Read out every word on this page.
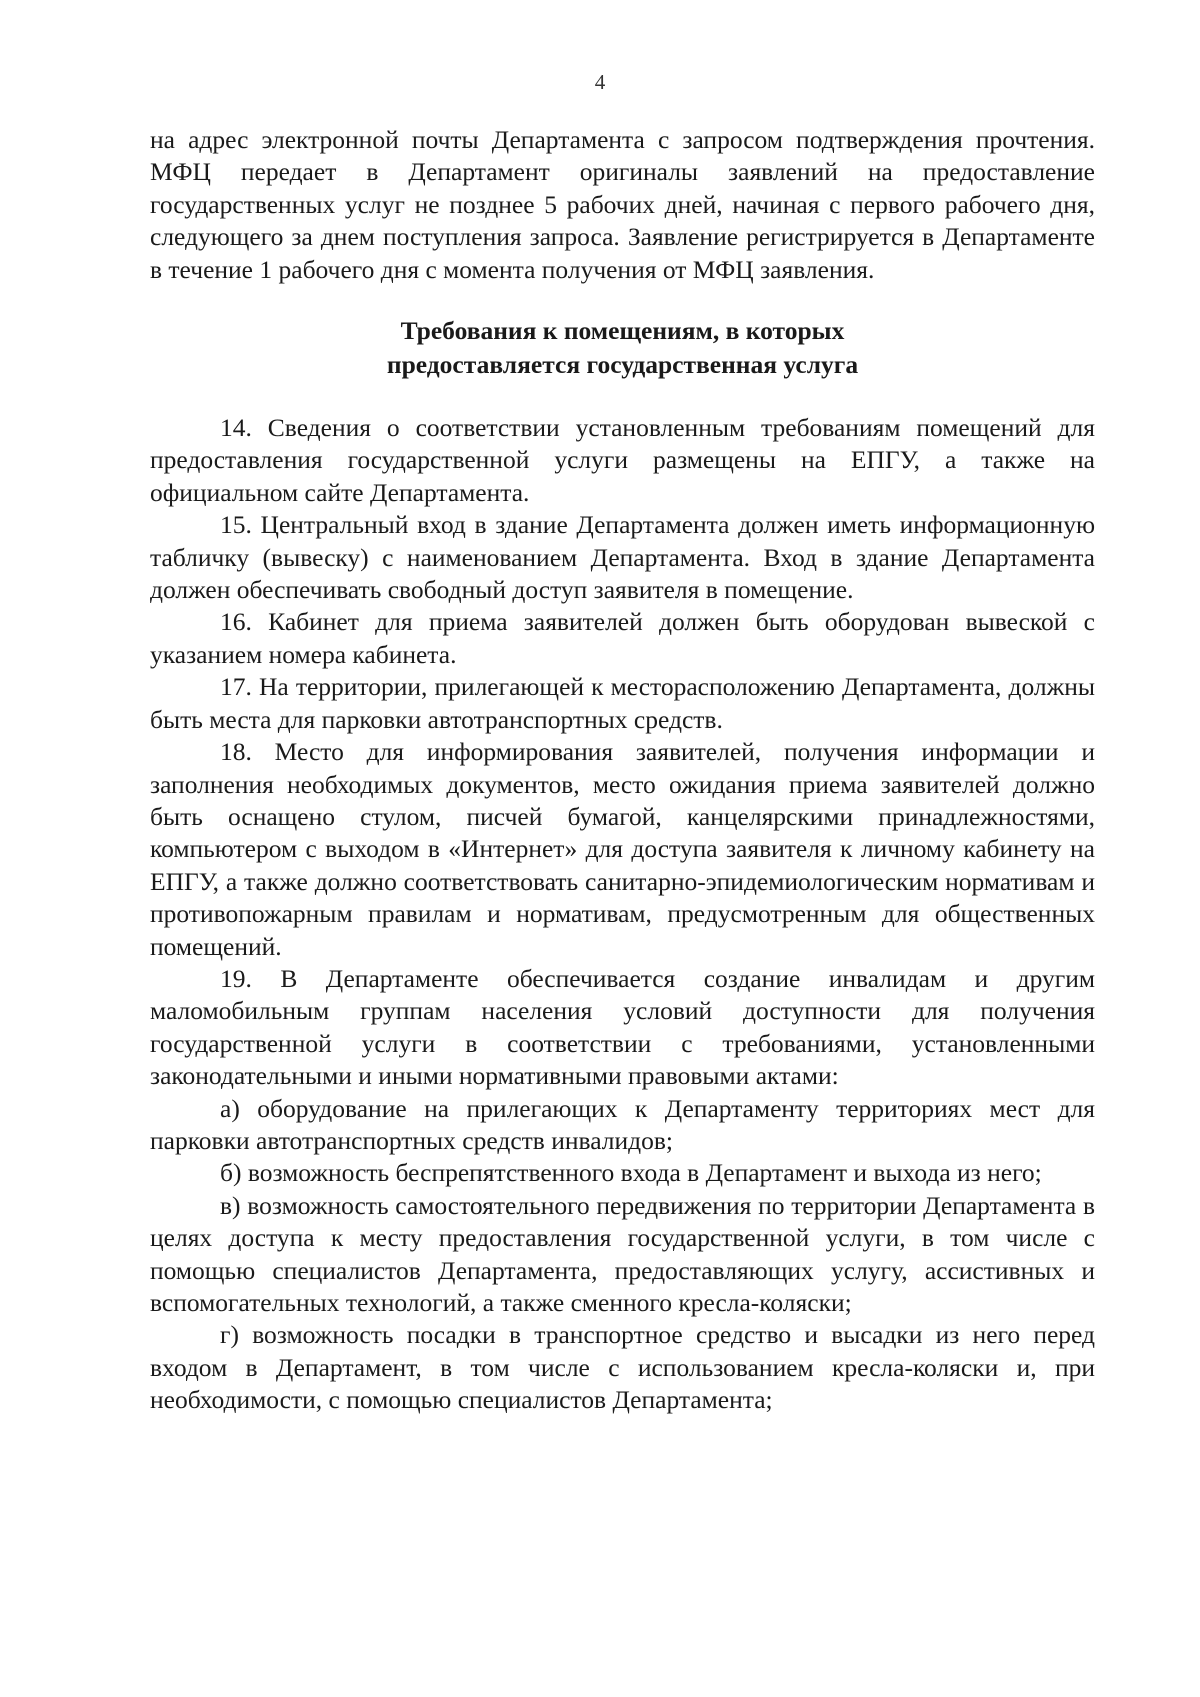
4

на адрес электронной почты Департамента с запросом подтверждения прочтения. МФЦ передает в Департамент оригиналы заявлений на предоставление государственных услуг не позднее 5 рабочих дней, начиная с первого рабочего дня, следующего за днем поступления запроса. Заявление регистрируется в Департаменте в течение 1 рабочего дня с момента получения от МФЦ заявления.

Требования к помещениям, в которых
предоставляется государственная услуга

14. Сведения о соответствии установленным требованиям помещений для предоставления государственной услуги размещены на ЕПГУ, а также на официальном сайте Департамента.

15. Центральный вход в здание Департамента должен иметь информационную табличку (вывеску) с наименованием Департамента. Вход в здание Департамента должен обеспечивать свободный доступ заявителя в помещение.

16. Кабинет для приема заявителей должен быть оборудован вывеской с указанием номера кабинета.

17. На территории, прилегающей к месторасположению Департамента, должны быть места для парковки автотранспортных средств.

18. Место для информирования заявителей, получения информации и заполнения необходимых документов, место ожидания приема заявителей должно быть оснащено стулом, писчей бумагой, канцелярскими принадлежностями, компьютером с выходом в «Интернет» для доступа заявителя к личному кабинету на ЕПГУ, а также должно соответствовать санитарно-эпидемиологическим нормативам и противопожарным правилам и нормативам, предусмотренным для общественных помещений.

19. В Департаменте обеспечивается создание инвалидам и другим маломобильным группам населения условий доступности для получения государственной услуги в соответствии с требованиями, установленными законодательными и иными нормативными правовыми актами:

а) оборудование на прилегающих к Департаменту территориях мест для парковки автотранспортных средств инвалидов;

б) возможность беспрепятственного входа в Департамент и выхода из него;

в) возможность самостоятельного передвижения по территории Департамента в целях доступа к месту предоставления государственной услуги, в том числе с помощью специалистов Департамента, предоставляющих услугу, ассистивных и вспомогательных технологий, а также сменного кресла-коляски;

г) возможность посадки в транспортное средство и высадки из него перед входом в Департамент, в том числе с использованием кресла-коляски и, при необходимости, с помощью специалистов Департамента;
